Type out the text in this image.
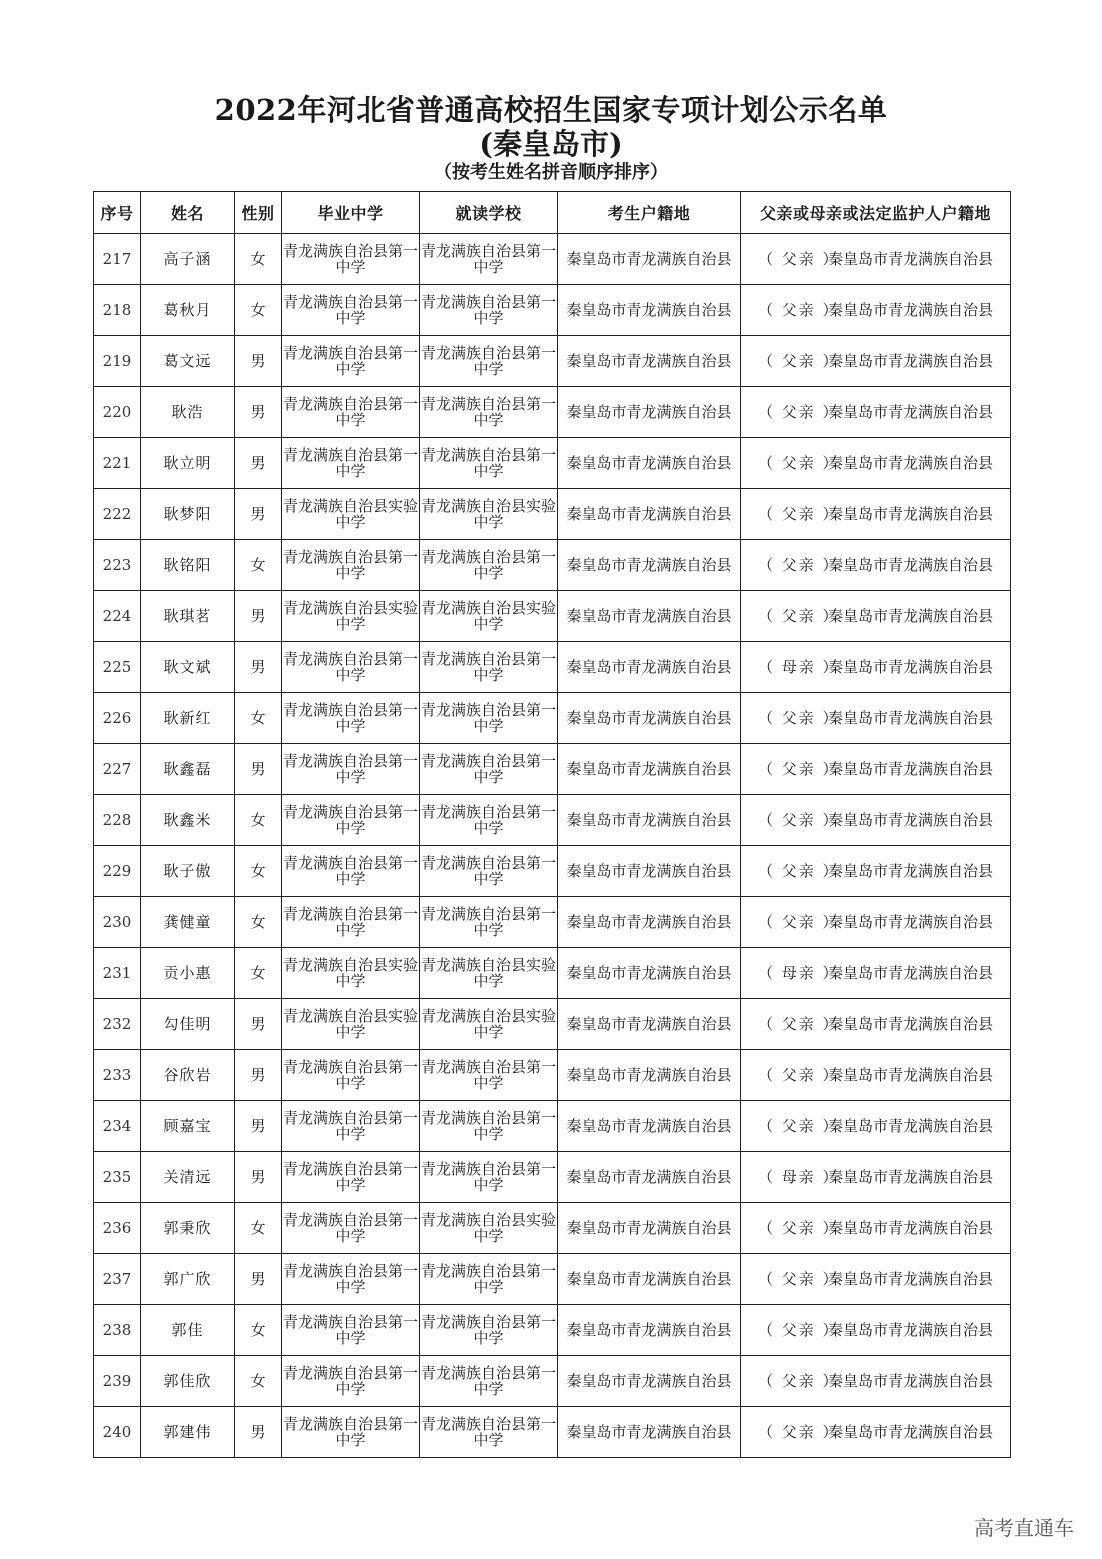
2022年河北省普通高校招生国家专项计划公示名单
(秦皇岛市)
（按考生姓名拼音顺序排序）
序号	姓名	性别	毕业中学	就读学校	考生户籍地	父亲或母亲或法定监护人户籍地
217	高子涵	女	青龙满族自治县第一中学	青龙满族自治县第一中学	秦皇岛市青龙满族自治县	（ 父亲 ）秦皇岛市青龙满族自治县
218	葛秋月	女	青龙满族自治县第一中学	青龙满族自治县第一中学	秦皇岛市青龙满族自治县	（ 父亲 ）秦皇岛市青龙满族自治县
219	葛文远	男	青龙满族自治县第一中学	青龙满族自治县第一中学	秦皇岛市青龙满族自治县	（ 父亲 ）秦皇岛市青龙满族自治县
220	耿浩	男	青龙满族自治县第一中学	青龙满族自治县第一中学	秦皇岛市青龙满族自治县	（ 父亲 ）秦皇岛市青龙满族自治县
221	耿立明	男	青龙满族自治县第一中学	青龙满族自治县第一中学	秦皇岛市青龙满族自治县	（ 父亲 ）秦皇岛市青龙满族自治县
222	耿梦阳	男	青龙满族自治县实验中学	青龙满族自治县实验中学	秦皇岛市青龙满族自治县	（ 父亲 ）秦皇岛市青龙满族自治县
223	耿铭阳	女	青龙满族自治县第一中学	青龙满族自治县第一中学	秦皇岛市青龙满族自治县	（ 父亲 ）秦皇岛市青龙满族自治县
224	耿琪茗	男	青龙满族自治县实验中学	青龙满族自治县实验中学	秦皇岛市青龙满族自治县	（ 父亲 ）秦皇岛市青龙满族自治县
225	耿文斌	男	青龙满族自治县第一中学	青龙满族自治县第一中学	秦皇岛市青龙满族自治县	（ 母亲 ）秦皇岛市青龙满族自治县
226	耿新红	女	青龙满族自治县第一中学	青龙满族自治县第一中学	秦皇岛市青龙满族自治县	（ 父亲 ）秦皇岛市青龙满族自治县
227	耿鑫磊	男	青龙满族自治县第一中学	青龙满族自治县第一中学	秦皇岛市青龙满族自治县	（ 父亲 ）秦皇岛市青龙满族自治县
228	耿鑫米	女	青龙满族自治县第一中学	青龙满族自治县第一中学	秦皇岛市青龙满族自治县	（ 父亲 ）秦皇岛市青龙满族自治县
229	耿子傲	女	青龙满族自治县第一中学	青龙满族自治县第一中学	秦皇岛市青龙满族自治县	（ 父亲 ）秦皇岛市青龙满族自治县
230	龚健童	女	青龙满族自治县第一中学	青龙满族自治县第一中学	秦皇岛市青龙满族自治县	（ 父亲 ）秦皇岛市青龙满族自治县
231	贡小惠	女	青龙满族自治县实验中学	青龙满族自治县实验中学	秦皇岛市青龙满族自治县	（ 母亲 ）秦皇岛市青龙满族自治县
232	勾佳明	男	青龙满族自治县实验中学	青龙满族自治县实验中学	秦皇岛市青龙满族自治县	（ 父亲 ）秦皇岛市青龙满族自治县
233	谷欣岩	男	青龙满族自治县第一中学	青龙满族自治县第一中学	秦皇岛市青龙满族自治县	（ 父亲 ）秦皇岛市青龙满族自治县
234	顾嘉宝	男	青龙满族自治县第一中学	青龙满族自治县第一中学	秦皇岛市青龙满族自治县	（ 父亲 ）秦皇岛市青龙满族自治县
235	关清远	男	青龙满族自治县第一中学	青龙满族自治县第一中学	秦皇岛市青龙满族自治县	（ 母亲 ）秦皇岛市青龙满族自治县
236	郭秉欣	女	青龙满族自治县第一中学	青龙满族自治县实验中学	秦皇岛市青龙满族自治县	（ 父亲 ）秦皇岛市青龙满族自治县
237	郭广欣	男	青龙满族自治县第一中学	青龙满族自治县第一中学	秦皇岛市青龙满族自治县	（ 父亲 ）秦皇岛市青龙满族自治县
238	郭佳	女	青龙满族自治县第一中学	青龙满族自治县第一中学	秦皇岛市青龙满族自治县	（ 父亲 ）秦皇岛市青龙满族自治县
239	郭佳欣	女	青龙满族自治县第一中学	青龙满族自治县第一中学	秦皇岛市青龙满族自治县	（ 父亲 ）秦皇岛市青龙满族自治县
240	郭建伟	男	青龙满族自治县第一中学	青龙满族自治县第一中学	秦皇岛市青龙满族自治县	（ 父亲 ）秦皇岛市青龙满族自治县
高考直通车
